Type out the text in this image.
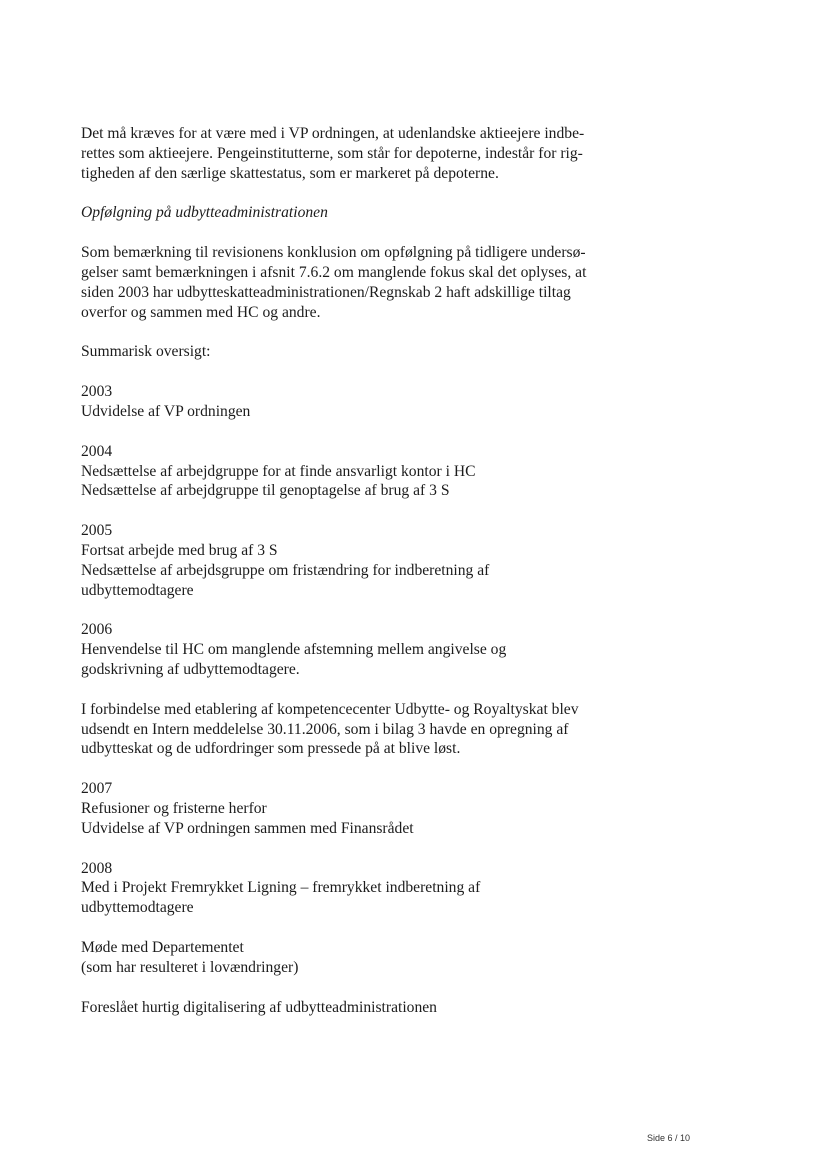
Det må kræves for at være med i VP ordningen, at udenlandske aktieejere indbe-

rettes som aktieejere. Pengeinstitutterne, som står for depoterne, indestår for rig-

tigheden af den særlige skattestatus, som er markeret på depoterne.

Opfølgning på udbytteadministrationen

Som bemærkning til revisionens konklusion om opfølgning på tidligere undersø-

gelser samt bemærkningen i afsnit 7.6.2 om manglende fokus skal det oplyses, at

siden 2003 har udbytteskatteadministrationen/Regnskab 2 haft adskillige tiltag

overfor og sammen med HC og andre.

Summarisk oversigt:

2003

Udvidelse af VP ordningen

2004

Nedsættelse af arbejdgruppe for at finde ansvarligt kontor i HC

Nedsættelse af arbejdgruppe til genoptagelse af brug af 3 S

2005

Fortsat arbejde med brug af 3 S

Nedsættelse af arbejdsgruppe om fristændring for indberetning af

udbyttemodtagere

2006

Henvendelse til HC om manglende afstemning mellem angivelse og

godskrivning af udbyttemodtagere.

I forbindelse med etablering af kompetencecenter Udbytte- og Royaltyskat blev

udsendt en Intern meddelelse 30.11.2006, som i bilag 3 havde en opregning af

udbytteskat og de udfordringer som pressede på at blive løst.

2007

Refusioner og fristerne herfor

Udvidelse af VP ordningen sammen med Finansrådet

2008

Med i Projekt Fremrykket Ligning – fremrykket indberetning af

udbyttemodtagere

Møde med Departementet

(som har resulteret i lovændringer)

Foreslået hurtig digitalisering af udbytteadministrationen

Side 6 / 10
